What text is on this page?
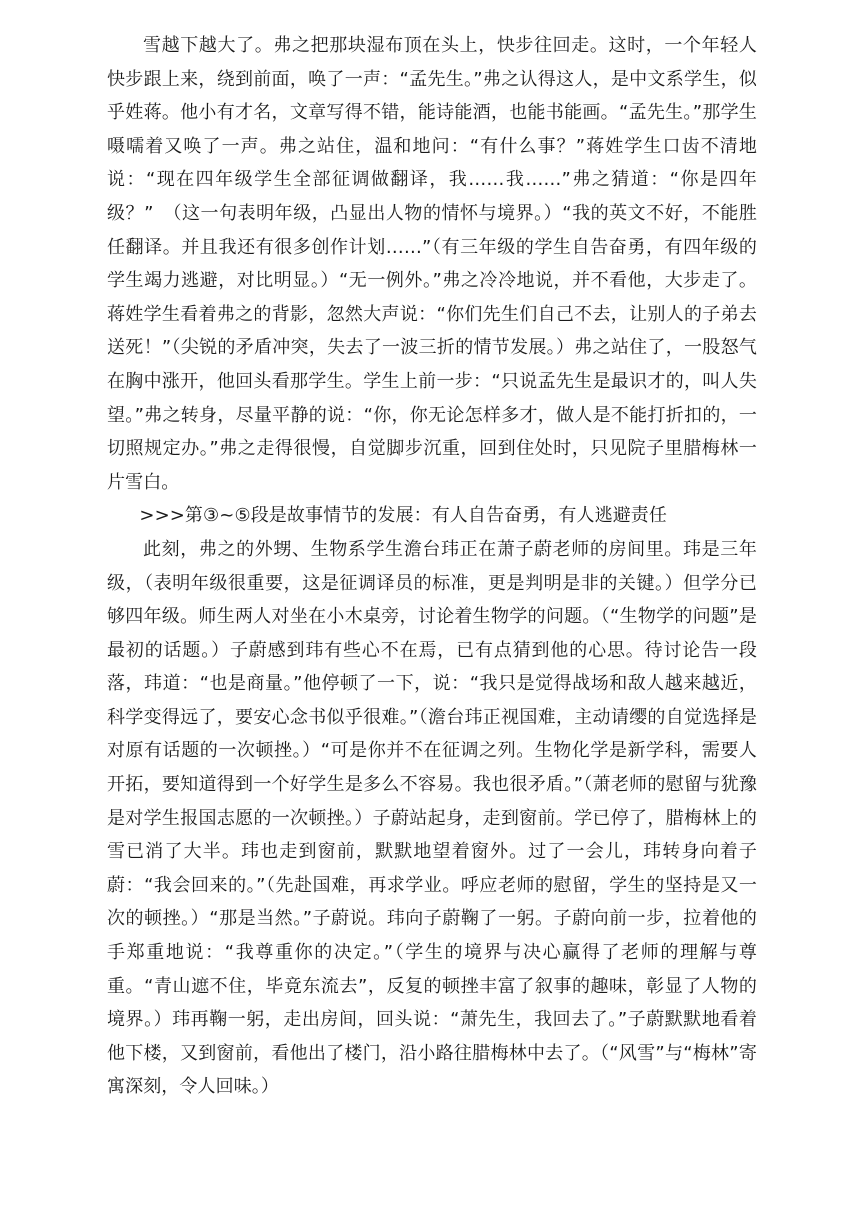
雪越下越大了。弗之把那块湿布顶在头上，快步往回走。这时，一个年轻人快步跟上来，绕到前面，唤了一声：“孟先生。”弗之认得这人，是中文系学生，似乎姓蒋。他小有才名，文章写得不错，能诗能酒，也能书能画。“孟先生。”那学生嗫嚅着又唤了一声。弗之站住，温和地问：“有什么事？”蒋姓学生口齿不清地说：“现在四年级学生全部征调做翻译，我……我……”弗之猜道：“你是四年级？”　（这一句表明年级，凸显出人物的情怀与境界。）“我的英文不好，不能胜任翻译。并且我还有很多创作计划……”（有三年级的学生自告奋勇，有四年级的学生竭力逃避，对比明显。）“无一例外。”弗之冷冷地说，并不看他，大步走了。蒋姓学生看着弗之的背影，忽然大声说：“你们先生们自己不去，让别人的子弟去送死！”（尖锐的矛盾冲突，失去了一波三折的情节发展。）弗之站住了，一股怒气在胸中涨开，他回头看那学生。学生上前一步：“只说孟先生是最识才的，叫人失望。”弗之转身，尽量平静的说：“你，你无论怎样多才，做人是不能打折扣的，一切照规定办。”弗之走得很慢，自觉脚步沉重，回到住处时，只见院子里腊梅林一片雪白。

>>>第③~⑤段是故事情节的发展：有人自告奋勇，有人逃避责任

此刻，弗之的外甥、生物系学生澹台玮正在萧子蔚老师的房间里。玮是三年级，（表明年级很重要，这是征调译员的标准，更是判明是非的关键。）但学分已够四年级。师生两人对坐在小木桌旁，讨论着生物学的问题。（“生物学的问题”是最初的话题。）子蔚感到玮有些心不在焉，已有点猜到他的心思。待讨论告一段落，玮道：“也是商量。”他停顿了一下，说：“我只是觉得战场和敌人越来越近，科学变得远了，要安心念书似乎很难。”（澹台玮正视国难，主动请缨的自觉选择是对原有话题的一次顿挫。）“可是你并不在征调之列。生物化学是新学科，需要人开拓，要知道得到一个好学生是多么不容易。我也很矛盾。”（萧老师的慰留与犹豫是对学生报国志愿的一次顿挫。）子蔚站起身，走到窗前。学已停了，腊梅林上的雪已消了大半。玮也走到窗前，默默地望着窗外。过了一会儿，玮转身向着子蔚：“我会回来的。”（先赴国难，再求学业。呼应老师的慰留，学生的坚持是又一次的顿挫。）“那是当然。”子蔚说。玮向子蔚鞠了一躬。子蔚向前一步，拉着他的手郑重地说：“我尊重你的决定。”（学生的境界与决心赢得了老师的理解与尊重。“青山遮不住，毕竟东流去”，反复的顿挫丰富了叙事的趣味，彰显了人物的境界。）玮再鞠一躬，走出房间，回头说：“萧先生，我回去了。”子蔚默默地看着他下楼，又到窗前，看他出了楼门，沿小路往腊梅林中去了。（“风雪”与“梅林”寄寓深刻，令人回味。）
